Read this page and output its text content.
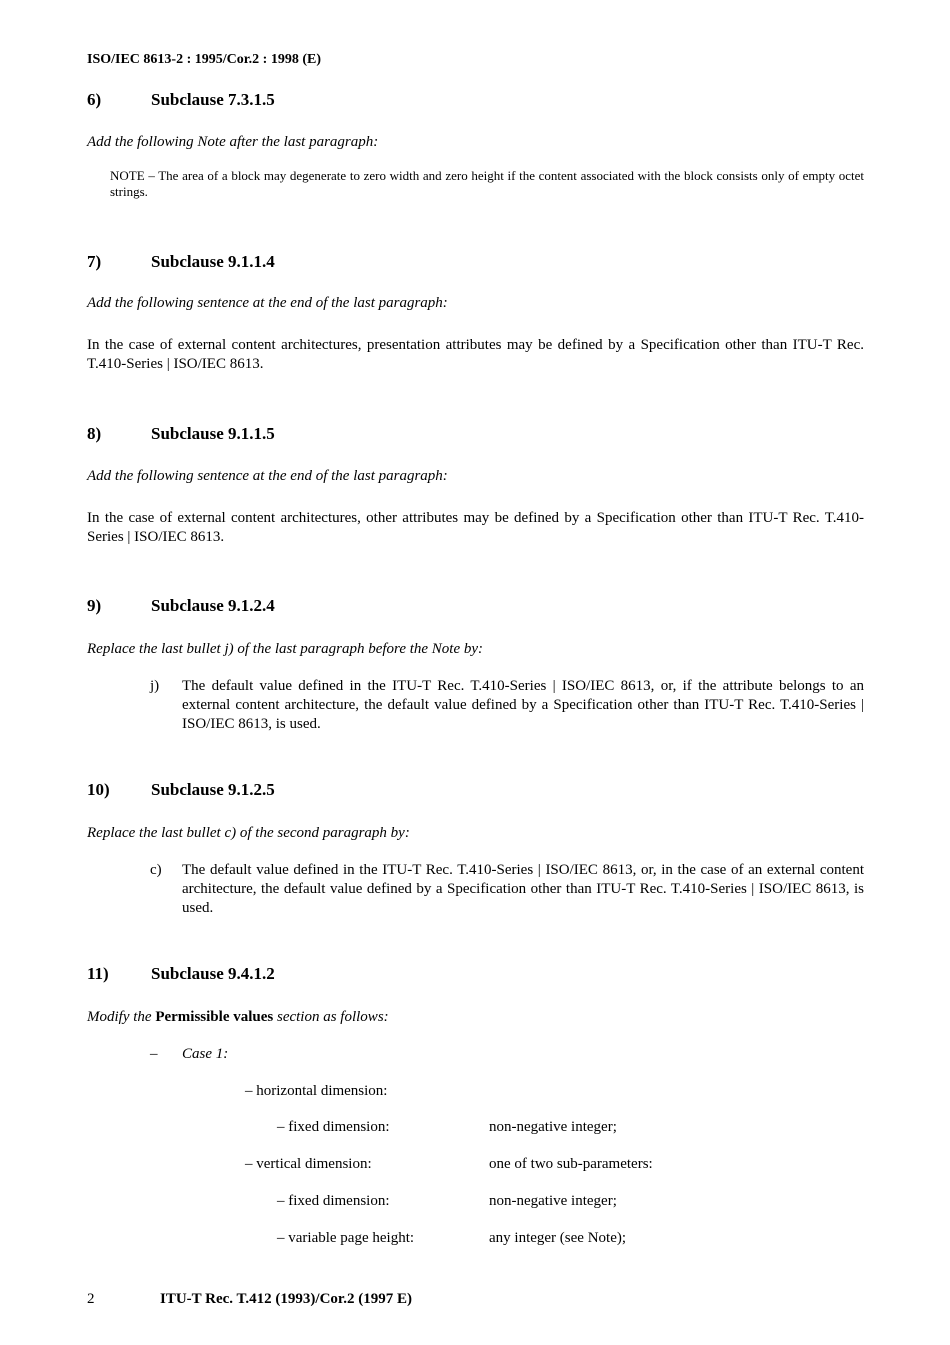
ISO/IEC 8613-2 : 1995/Cor.2 : 1998 (E)
6)	Subclause 7.3.1.5
Add the following Note after the last paragraph:
NOTE – The area of a block may degenerate to zero width and zero height if the content associated with the block consists only of empty octet strings.
7)	Subclause 9.1.1.4
Add the following sentence at the end of the last paragraph:
In the case of external content architectures, presentation attributes may be defined by a Specification other than ITU-T Rec. T.410-Series | ISO/IEC 8613.
8)	Subclause 9.1.1.5
Add the following sentence at the end of the last paragraph:
In the case of external content architectures, other attributes may be defined by a Specification other than ITU-T Rec. T.410-Series | ISO/IEC 8613.
9)	Subclause 9.1.2.4
Replace the last bullet j) of the last paragraph before the Note by:
j) The default value defined in the ITU-T Rec. T.410-Series | ISO/IEC 8613, or, if the attribute belongs to an external content architecture, the default value defined by a Specification other than ITU-T Rec. T.410-Series | ISO/IEC 8613, is used.
10) Subclause 9.1.2.5
Replace the last bullet c) of the second paragraph by:
c) The default value defined in the ITU-T Rec. T.410-Series | ISO/IEC 8613, or, in the case of an external content architecture, the default value defined by a Specification other than ITU-T Rec. T.410-Series | ISO/IEC 8613, is used.
11) Subclause 9.4.1.2
Modify the Permissible values section as follows:
– Case 1:
– horizontal dimension:
– fixed dimension:	non-negative integer;
– vertical dimension:	one of two sub-parameters:
– fixed dimension:	non-negative integer;
– variable page height:	any integer (see Note);
2	ITU-T Rec. T.412 (1993)/Cor.2 (1997 E)
